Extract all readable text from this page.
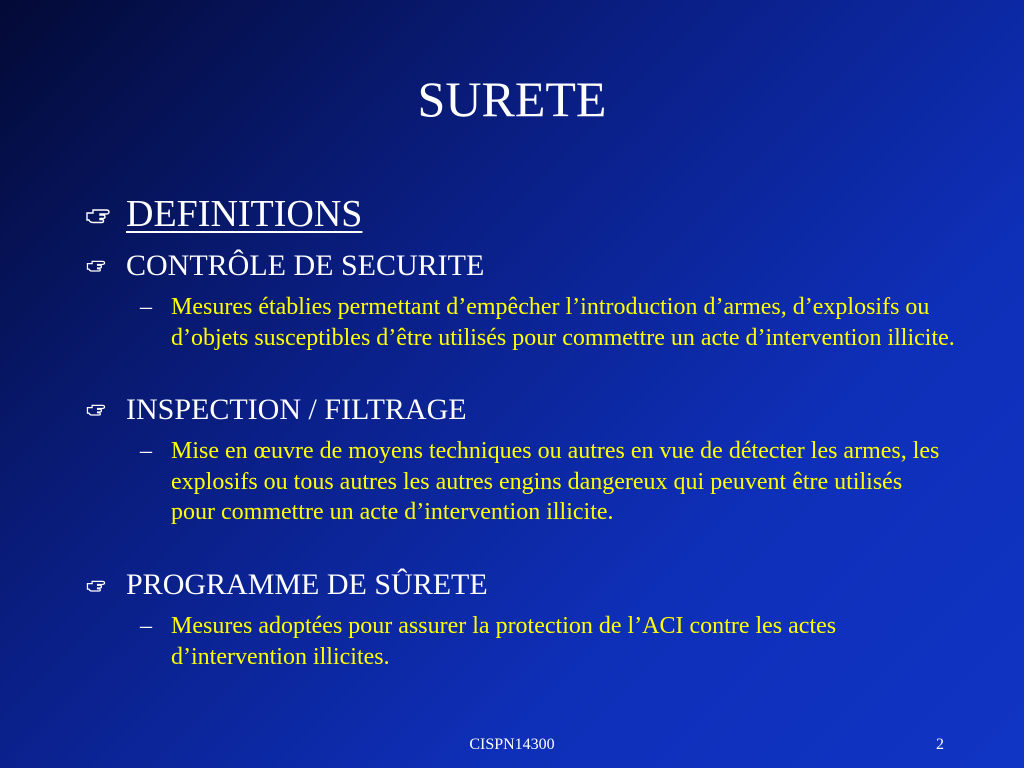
SURETE
DEFINITIONS
CONTRÔLE DE SECURITE
– Mesures établies permettant d’empêcher l’introduction d’armes, d’explosifs ou d’objets susceptibles d’être utilisés pour commettre un acte d’intervention illicite.
INSPECTION / FILTRAGE
– Mise en œuvre de moyens techniques ou autres en vue de détecter les armes, les explosifs ou tous autres les autres engins dangereux qui peuvent être utilisés pour commettre un acte d’intervention illicite.
PROGRAMME DE SÛRETE
– Mesures adoptées pour assurer la protection de l’ACI contre les actes d’intervention illicites.
CISPN14300	2
